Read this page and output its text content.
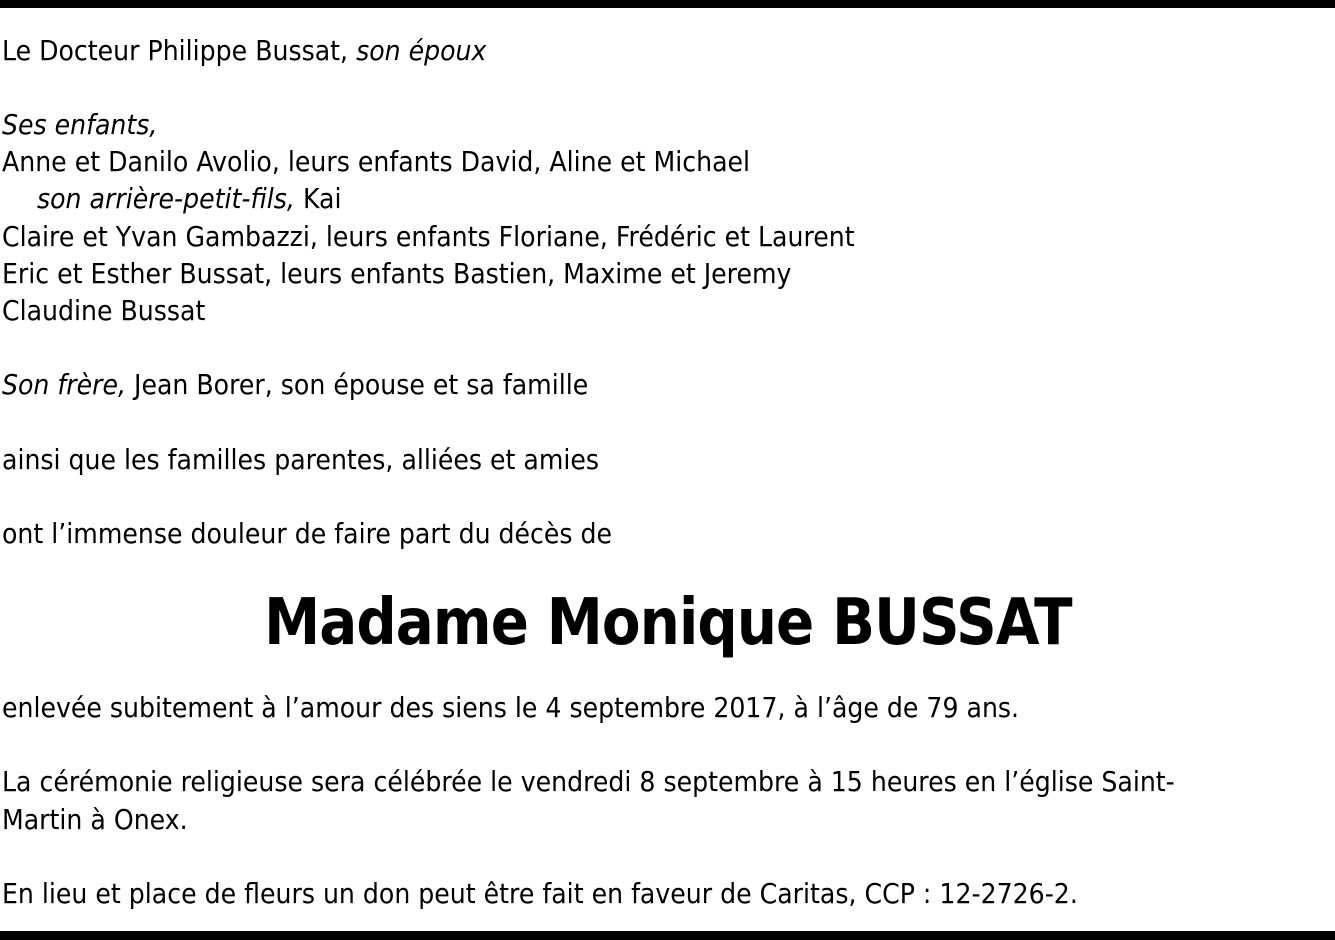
Le Docteur Philippe Bussat, son époux
Ses enfants,
Anne et Danilo Avolio, leurs enfants David, Aline et Michael
son arrière-petit-fils, Kai
Claire et Yvan Gambazzi, leurs enfants Floriane, Frédéric et Laurent
Eric et Esther Bussat, leurs enfants Bastien, Maxime et Jeremy
Claudine Bussat
Son frère, Jean Borer, son épouse et sa famille
ainsi que les familles parentes, alliées et amies
ont l’immense douleur de faire part du décès de
Madame Monique BUSSAT
enlevée subitement à l’amour des siens le 4 septembre 2017, à l’âge de 79 ans.
La cérémonie religieuse sera célébrée le vendredi 8 septembre à 15 heures en l’église Saint-
Martin à Onex.
En lieu et place de fleurs un don peut être fait en faveur de Caritas, CCP : 12-2726-2.
